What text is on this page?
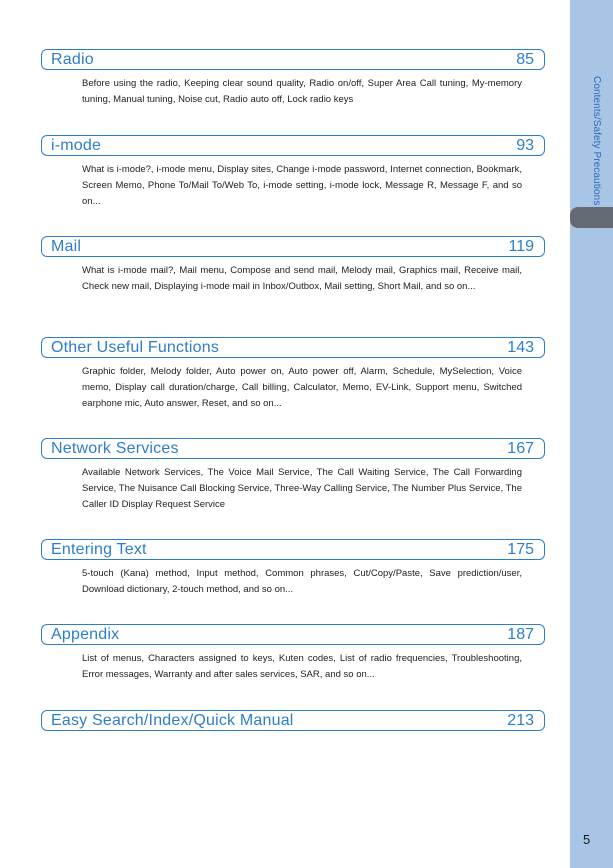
Contents/Safety Precautions
Radio	85
Before using the radio, Keeping clear sound quality, Radio on/off, Super Area Call tuning, My-memory tuning, Manual tuning, Noise cut, Radio auto off, Lock radio keys
i-mode	93
What is i-mode?, i-mode menu, Display sites, Change i-mode password, Internet connection, Bookmark, Screen Memo, Phone To/Mail To/Web To, i-mode setting, i-mode lock, Message R, Message F, and so on...
Mail	119
What is i-mode mail?, Mail menu, Compose and send mail, Melody mail, Graphics mail, Receive mail, Check new mail, Displaying i-mode mail in Inbox/Outbox, Mail setting, Short Mail, and so on...
Other Useful Functions	143
Graphic folder, Melody folder, Auto power on, Auto power off, Alarm, Schedule, MySelection, Voice memo, Display call duration/charge, Call billing, Calculator, Memo, EV-Link, Support menu, Switched earphone mic, Auto answer, Reset, and so on...
Network Services	167
Available Network Services, The Voice Mail Service, The Call Waiting Service, The Call Forwarding Service, The Nuisance Call Blocking Service, Three-Way Calling Service, The Number Plus Service, The Caller ID Display Request Service
Entering Text	175
5-touch (Kana) method, Input method, Common phrases, Cut/Copy/Paste, Save prediction/user, Download dictionary, 2-touch method, and so on...
Appendix	187
List of menus, Characters assigned to keys, Kuten codes, List of radio frequencies, Troubleshooting, Error messages, Warranty and after sales services, SAR, and so on...
Easy Search/Index/Quick Manual	213
5
